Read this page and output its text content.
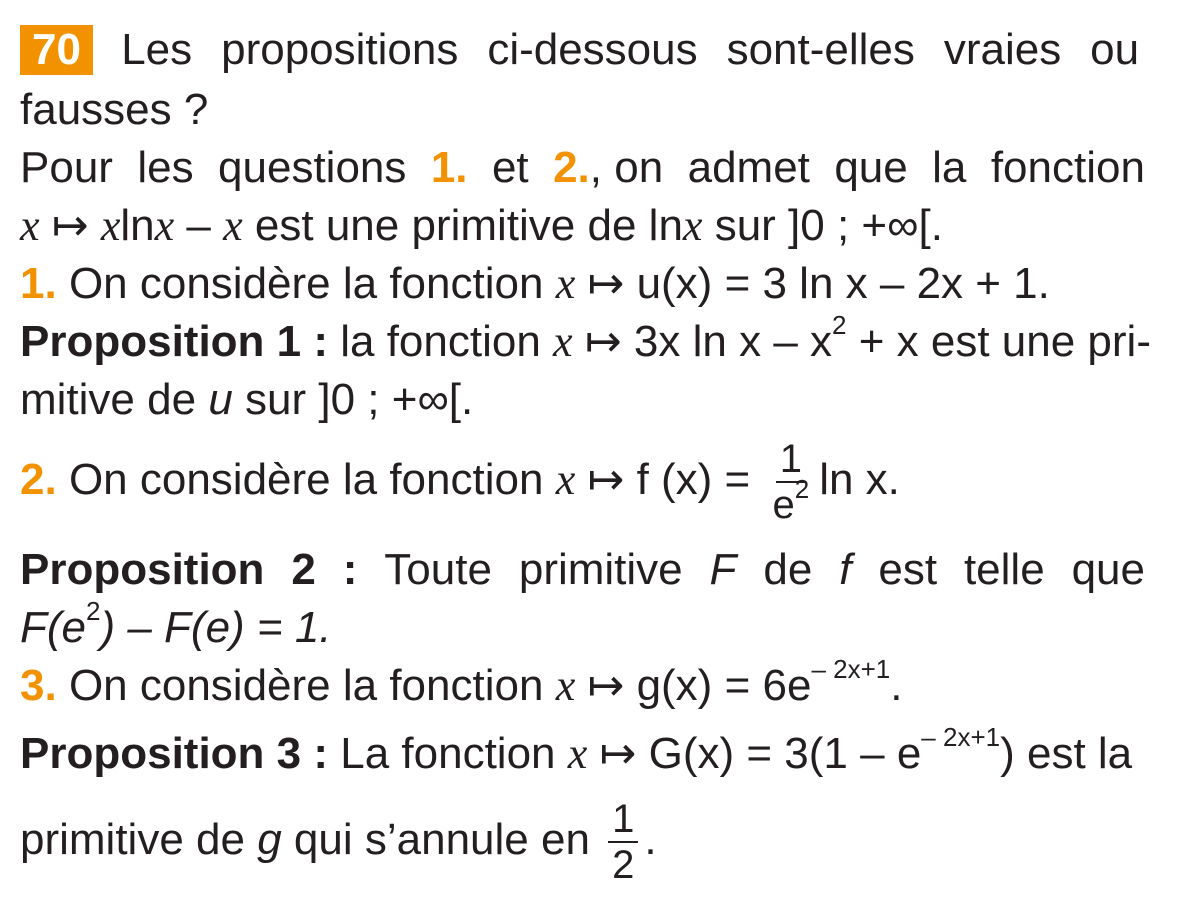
70 Les propositions ci-dessous sont-elles vraies ou
fausses ?
Pour les questions 1. et 2., on admet que la fonction
x ↦ xlnx – x est une primitive de lnx sur ]0 ; +∞[.
1. On considère la fonction x ↦ u(x) = 3 ln x – 2x + 1.
Proposition 1 : la fonction x ↦ 3x $\ln x - x^2 + x$ est une pri-
mitive de u sur ]0 ; +∞[.
2. On considère la fonction x ↦ f $(x) = \frac{1}{e^2}$ ln x.
Proposition 2 : Toute primitive F de f est telle que
$F(e^2) - F(e) = 1$.
3. On considère la fonction x ↦ $g(x) = 6e^{- 2x+1}$.
Proposition 3 : La fonction x ↦ $G(x) = 3(1 - e^{- 2x+1})$ est la
primitive de g qui s’annule en $\frac{1}{2}$ .
